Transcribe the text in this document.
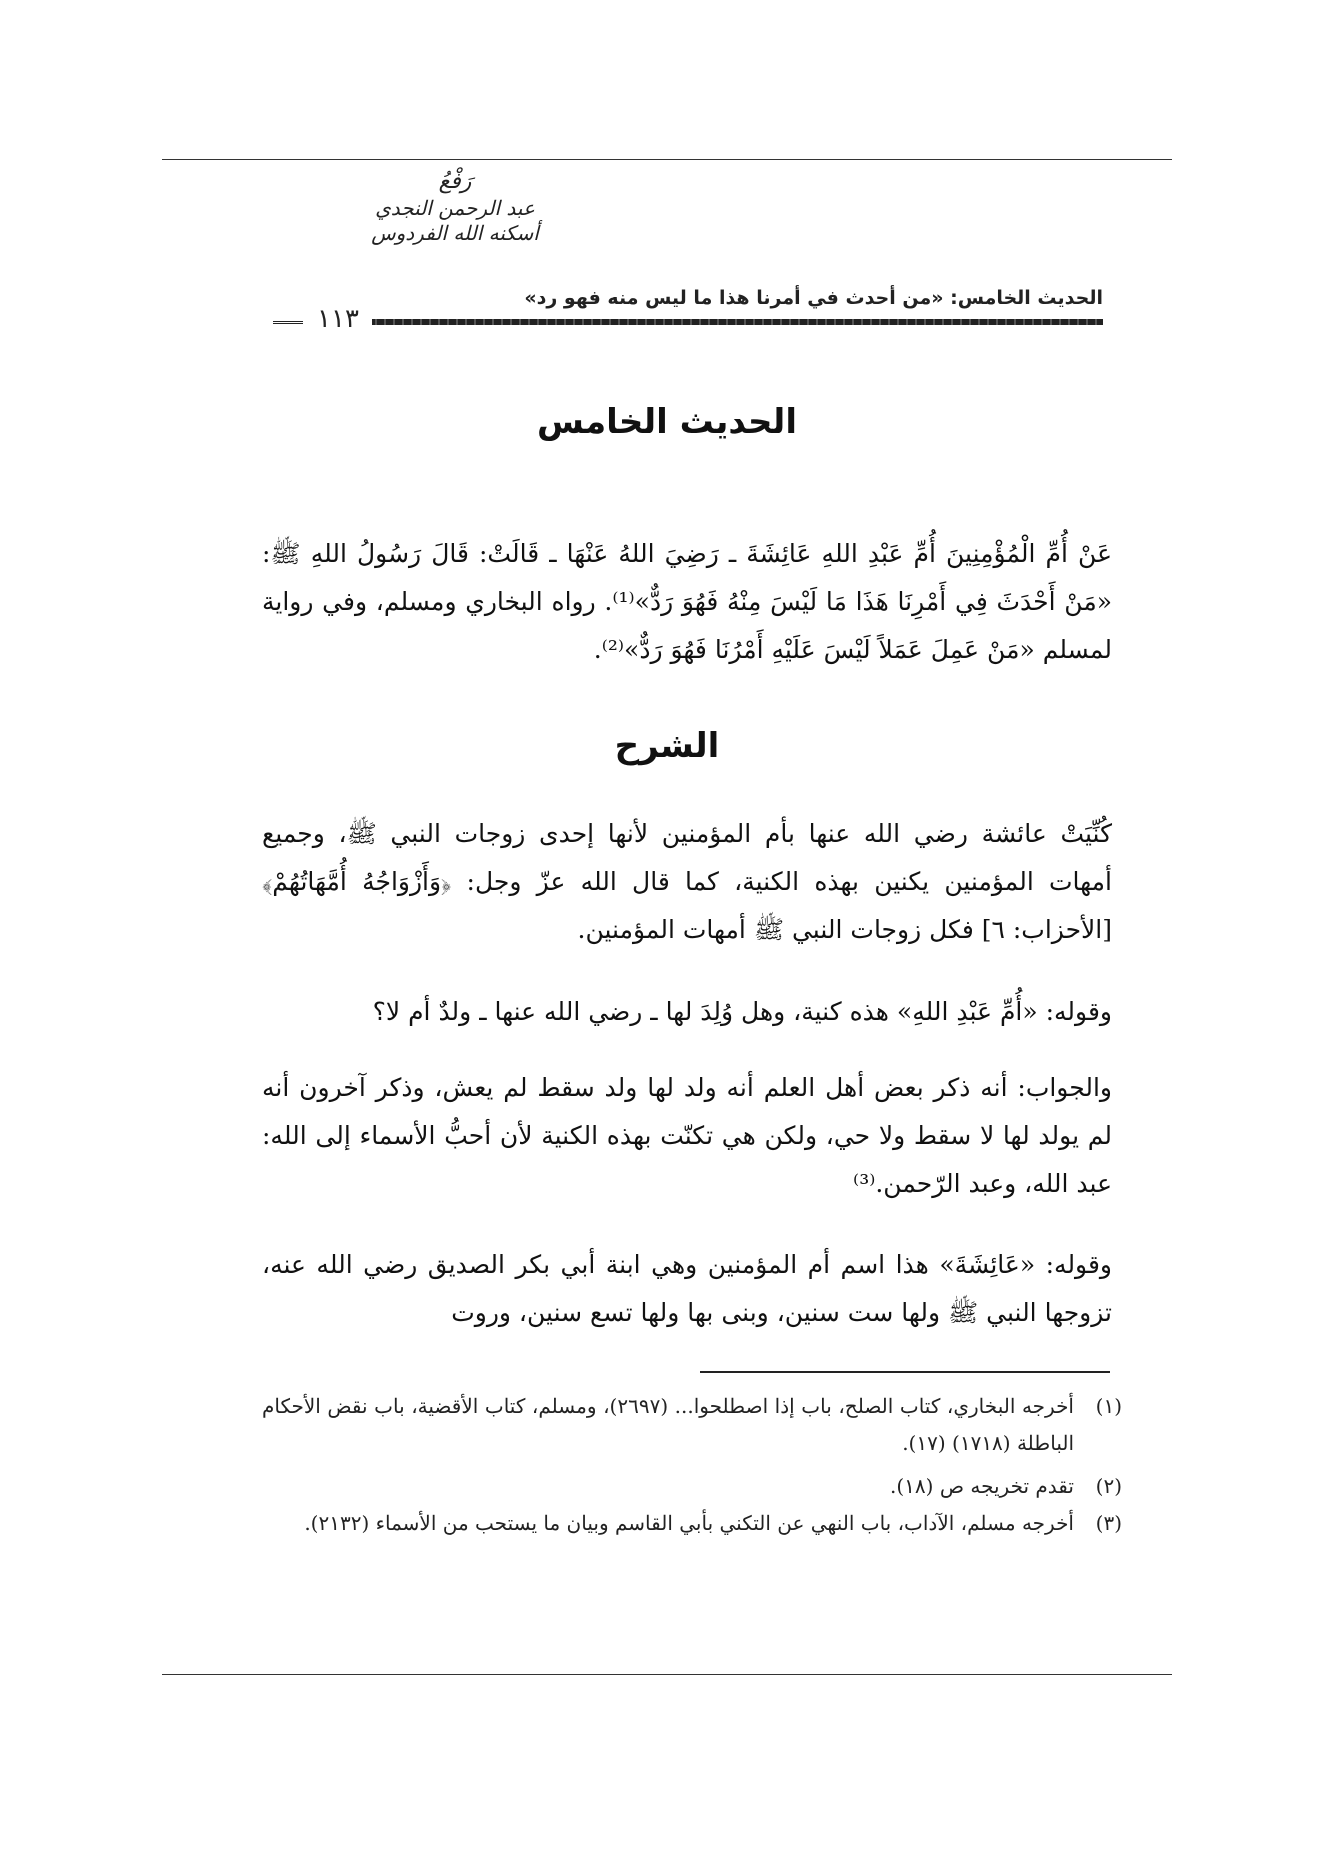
رَفْعُ
عبد الرحمن النجدي
أسكنه الله الفردوس
الحديث الخامس: «من أحدث في أمرنا هذا ما ليس منه فهو رد»
١١٣
الحديث الخامس
عَنْ أُمِّ الْمُؤْمِنِينَ أُمِّ عَبْدِ اللهِ عَائِشَةَ ـ رَضِيَ اللهُ عَنْهَا ـ قَالَتْ: قَالَ رَسُولُ اللهِ ﷺ: «مَنْ أَحْدَثَ فِي أَمْرِنَا هَذَا مَا لَيْسَ مِنْهُ فَهُوَ رَدٌّ»⁽¹⁾. رواه البخاري ومسلم، وفي رواية لمسلم «مَنْ عَمِلَ عَمَلاً لَيْسَ عَلَيْهِ أَمْرُنَا فَهُوَ رَدٌّ»⁽²⁾.
الشرح
كُنِّيَتْ عائشة رضي الله عنها بأم المؤمنين لأنها إحدى زوجات النبي ﷺ، وجميع أمهات المؤمنين يكنين بهذه الكنية، كما قال الله عزّ وجل: ﴿وَأَزْوَاجُهُ أُمَّهَاتُهُمْ﴾ [الأحزاب: ٦] فكل زوجات النبي ﷺ أمهات المؤمنين.
وقوله: «أُمِّ عَبْدِ اللهِ» هذه كنية، وهل وُلِدَ لها ـ رضي الله عنها ـ ولدٌ أم لا؟
والجواب: أنه ذكر بعض أهل العلم أنه ولد لها ولد سقط لم يعش، وذكر آخرون أنه لم يولد لها لا سقط ولا حي، ولكن هي تكنّت بهذه الكنية لأن أحبُّ الأسماء إلى الله: عبد الله، وعبد الرّحمن.⁽³⁾
وقوله: «عَائِشَةَ» هذا اسم أم المؤمنين وهي ابنة أبي بكر الصديق رضي الله عنه، تزوجها النبي ﷺ ولها ست سنين، وبنى بها ولها تسع سنين، وروت
(١)
أخرجه البخاري، كتاب الصلح، باب إذا اصطلحوا... (٢٦٩٧)، ومسلم، كتاب الأقضية، باب نقض الأحكام الباطلة (١٧١٨) (١٧).
(٢)
تقدم تخريجه ص (١٨).
(٣)
أخرجه مسلم، الآداب، باب النهي عن التكني بأبي القاسم وبيان ما يستحب من الأسماء (٢١٣٢).
